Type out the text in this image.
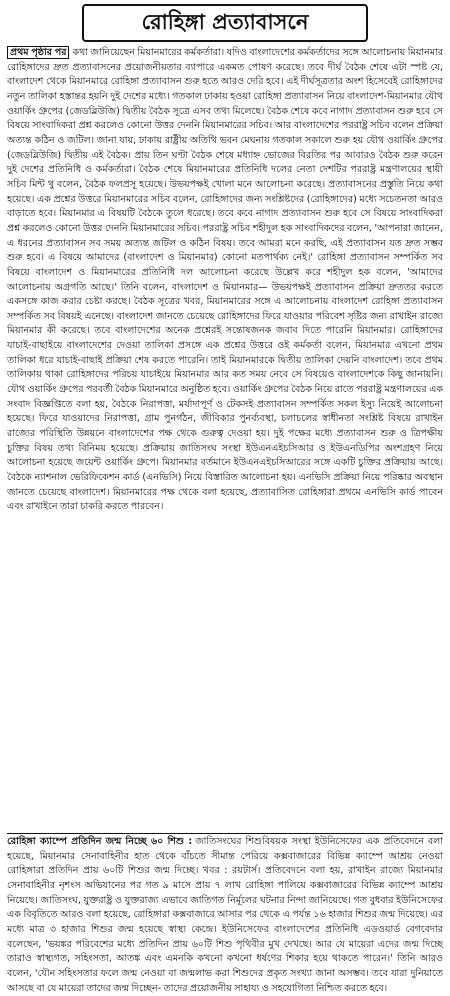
রোহিঙ্গা প্রত্যাবাসনে

প্রথম পৃষ্ঠার পর কথা জানিয়েছেন মিয়ানমারের কর্মকর্তারা। যদিও বাংলাদেশের কর্মকর্তাদের সঙ্গে আলোচনায় মিয়ানমার রোহিঙ্গাদের দ্রুত প্রত্যাবাসনের প্রয়োজনীয়তার ব্যাপারে একমত পোষণ করেছে। তবে দীর্ঘ বৈঠক শেষে এটা স্পষ্ট যে, বাংলাদেশ থেকে মিয়ানমারে রোহিঙ্গা প্রত্যাবাসন শুরু হতে আরও দেরি হবে। এই দীর্ঘসূত্রতার অংশ হিসেবেই রোহিঙ্গাদের নতুন তালিকা হস্তান্তর হয়নি দুই দেশের মধ্যে। গতকাল ঢাকায় হওয়া রোহিঙ্গা প্রত্যাবাসন নিয়ে বাংলাদেশ-মিয়ানমার যৌথ ওয়ার্কিং গ্রুপের (জেডব্লিউজি) দ্বিতীয় বৈঠক সূত্রে এসব তথ্য মিলেছে। বৈঠক শেষে কবে নাগাদ প্রত্যাবাসন শুরু হবে সে বিষয়ে সাংবাদিকরা প্রশ্ন করলেও কোনো উত্তর দেননি মিয়ানমারের সচিব। আর বাংলাদেশের পররাষ্ট্র সচিব বলেন প্রক্রিয়া অত্যন্ত কঠিন ও জটিল। জানা যায়, ঢাকায় রাষ্ট্রীয় অতিথি ভবন মেঘনায় গতকাল সকালে শুরু হয় যৌথ ওয়ার্কিং গ্রুপের (জেডব্লিউজি) দ্বিতীয় এই বৈঠক। প্রায় তিন ঘণ্টা বৈঠক শেষে মধ্যাহ্ন ভোজের বিরতির পর আবারও বৈঠক শুরু করেন দুই দেশের প্রতিনিধি ও কর্মকর্তারা। বৈঠক শেষে মিয়ানমারের প্রতিনিধি দলের নেতা দেশটির পররাষ্ট্র মন্ত্রণালয়ের স্থায়ী সচিব মিন্ট থু বলেন, বৈঠক ফলপ্রসূ হয়েছে। উভয়পক্ষই খোলা মনে আলোচনা করেছে। প্রত্যাবাসনের প্রস্তুতি নিয়ে কথা হয়েছে। এক প্রশ্নের উত্তরে মিয়ানমারের সচিব বলেন, রোহিঙ্গাদের জন্য সংশ্লিষ্টদের (রোহিঙ্গাদের) মধ্যে সচেতনতা আরও বাড়াতে হবে। মিয়ানমার এ বিষয়টি বৈঠকে তুলে ধরেছে। তবে কবে নাগাদ প্রত্যাবাসন শুরু হবে সে বিষয়ে সাংবাদিকরা প্রশ্ন করলেও কোনো উত্তর দেননি মিয়ানমারের সচিব। পররাষ্ট্র সচিব শহীদুল হক সাংবাদিকদের বলেন, 'আপনারা জানেন, এ ধরনের প্রত্যাবাসন সব সময় অত্যন্ত জটিল ও কঠিন বিষয়। তবে আমরা মনে করছি, এই প্রত্যাবাসন যত দ্রুত সম্ভব শুরু হবে। এ বিষয়ে আমাদের (বাংলাদেশ ও মিয়ানমার) কোনো মতপার্থক্য নেই।' রোহিঙ্গা প্রত্যাবাসন সম্পর্কিত সব বিষয়ে বাংলাদেশ ও মিয়ানমারের প্রতিনিধি দল আলোচনা করেছে উল্লেখ করে শহীদুল হক বলেন, 'আমাদের আলোচনায় অগ্রগতি আছে।' তিনি বলেন, বাংলাদেশ ও মিয়ানমার— উভয়পক্ষই প্রত্যাবাসন প্রক্রিয়া দ্রুততর করতে একসঙ্গে কাজ করার চেষ্টা করছে। বৈঠক সূত্রের খবর, মিয়ানমারের সঙ্গে এ আলোচনায় বাংলাদেশ রোহিঙ্গা প্রত্যাবাসন সম্পর্কিত সব বিষয়ই এনেছে। বাংলাদেশ জানতে চেয়েছে রোহিঙ্গাদের ফিরে যাওয়ার পরিবেশ সৃষ্টির জন্য রাখাইন রাজ্যে মিয়ানমার কী করেছে। তবে বাংলাদেশের অনেক প্রশ্নেরই সন্তোষজনক জবাব দিতে পারেনি মিয়ানমার। রোহিঙ্গাদের যাচাই-বাছাইয়ে বাংলাদেশের দেওয়া তালিকা প্রসঙ্গে এক প্রশ্নের উত্তরে ওই কর্মকর্তা বলেন, মিয়ানমার এখনো প্রথম তালিকা ধরে যাচাই-বাছাই প্রক্রিয়া শেষ করতে পারেনি। তাই মিয়ানমারকে দ্বিতীয় তালিকা দেয়নি বাংলাদেশ। তবে প্রথম তালিকায় থাকা রোহিঙ্গাদের পরিচয় যাচাইয়ে মিয়ানমার আর কত সময় নেবে সে বিষয়েও বাংলাদেশকে কিছু জানায়নি। যৌথ ওয়ার্কিং গ্রুপের পরবর্তী বৈঠক মিয়ানমারে অনুষ্ঠিত হবে। ওয়ার্কিং গ্রুপের বৈঠক নিয়ে রাতে পররাষ্ট্র মন্ত্রণালয়ের এক সংবাদ বিজ্ঞপ্তিতে বলা হয়, বৈঠকে নিরাপত্তা, মর্যাদাপূর্ণ ও টেকসই প্রত্যাবাসন সম্পর্কিত সকল ইস্যু নিয়েই আলোচনা হয়েছে। ফিরে যাওয়াদের নিরাপত্তা, গ্রাম পুনর্গঠন, জীবিকার পুনর্ব্যবস্থা, চলাচলের স্বাধীনতা সংশ্লিষ্ট বিষয়ে রাখাইন রাজ্যের পরিস্থিতি উন্নয়নে বাংলাদেশের পক্ষ থেকে গুরুত্ব দেওয়া হয়। দুই পক্ষের মধ্যে প্রত্যাবাসন শুরু ও ত্রিপক্ষীয় চুক্তির বিষয় তথ্য বিনিময় হয়েছে। প্রক্রিয়ায় জাতিসংঘ সংস্থা ইউএনএইচসিআর ও ইউএনডিপির অংশগ্রহণ নিয়ে আলোচনা হয়েছে জয়েন্ট ওয়ার্কিং গ্রুপে। মিয়ানমার বর্তমানে ইউএনএইচসিআরের সঙ্গে একটি চুক্তির প্রক্রিয়ায় আছে। বৈঠকে ন্যাশনাল ভেরিফিকেশন কার্ড (এনভিসি) নিয়ে বিস্তারিত আলোচনা হয়। এনভিসি প্রক্রিয়া নিয়ে পরিষ্কার অবস্থান জানতে চেয়েছে বাংলাদেশ। মিয়ানমারের পক্ষ থেকে বলা হয়েছে, প্রত্যাবাসিত রোহিঙ্গারা প্রথমে এনভিসি কার্ড পাবেন এবং রাখাইনে তারা চাকরি করতে পারবেন।

রোহিঙ্গা ক্যাম্পে প্রতিদিন জন্ম নিচ্ছে ৬০ শিশু : জাতিসংঘের শিশুবিষয়ক সংস্থা ইউনিসেফের এক প্রতিবেদনে বলা হয়েছে, মিয়ানমার সেনাবাহিনীর হাত থেকে বাঁচতে সীমান্ত পেরিয়ে কক্সবাজারের বিভিন্ন ক্যাম্পে আশ্রয় নেওয়া রোহিঙ্গারা প্রতিদিন প্রায় ৬০টি শিশুর জন্ম দিচ্ছে। খবর : রয়টার্স। প্রতিবেদনে বলা হয়, রাখাইন রাজ্যে মিয়ানমার সেনাবাহিনীর নৃশংস অভিযানের পর গত ৯ মাসে প্রায় ৭ লাখ রোহিঙ্গা পালিয়ে কক্সবাজারের বিভিন্ন ক্যাম্পে আশ্রয় নিয়েছে। জাতিসংঘ, যুক্তরাষ্ট্র ও যুক্তরাজ্য এভাবে জাতিগত নির্মূলের ঘটনার নিন্দা জানিয়েছে। গত বুধবার ইউনিসেফের এক বিবৃতিতে আরও বলা হয়েছে, রোহিঙ্গারা কক্সবাজারে আসার পর থেকে এ পর্যন্ত ১৬ হাজার শিশুর জন্ম দিয়েছে। এর মধ্যে মাত্র ৩ হাজার শিশুর জন্ম হয়েছে স্বাস্থ্য কেন্দ্রে। ইউনিসেফের বাংলাদেশের প্রতিনিধি এডওয়ার্ড বেগবেদার বলেছেন, 'ভয়ঙ্কর পরিবেশের মধ্যে প্রতিদিন প্রায় ৬০টি শিশু পৃথিবীর মুখ দেখছে। আর যে মায়েরা এদের জন্ম দিচ্ছে তারাও স্বাস্থ্যগত, সহিংসতা, আতঙ্ক এবং এমনকি কখনো কখনো ধর্ষণের শিকার হয়ে থাকতে পারেন।' তিনি আরও বলেন, 'যৌন সহিংসতার ফলে জন্ম নেওয়া বা জন্মলাভ করা শিশুদের প্রকৃত সংখ্যা জানা অসম্ভব। তবে যারা দুনিয়াতে আসছে বা যে মায়েরা তাদের জন্ম দিচ্ছেন- তাদের প্রয়োজনীয় সাহায্য ও সহযোগিতা নিশ্চিত করতে হবে।
